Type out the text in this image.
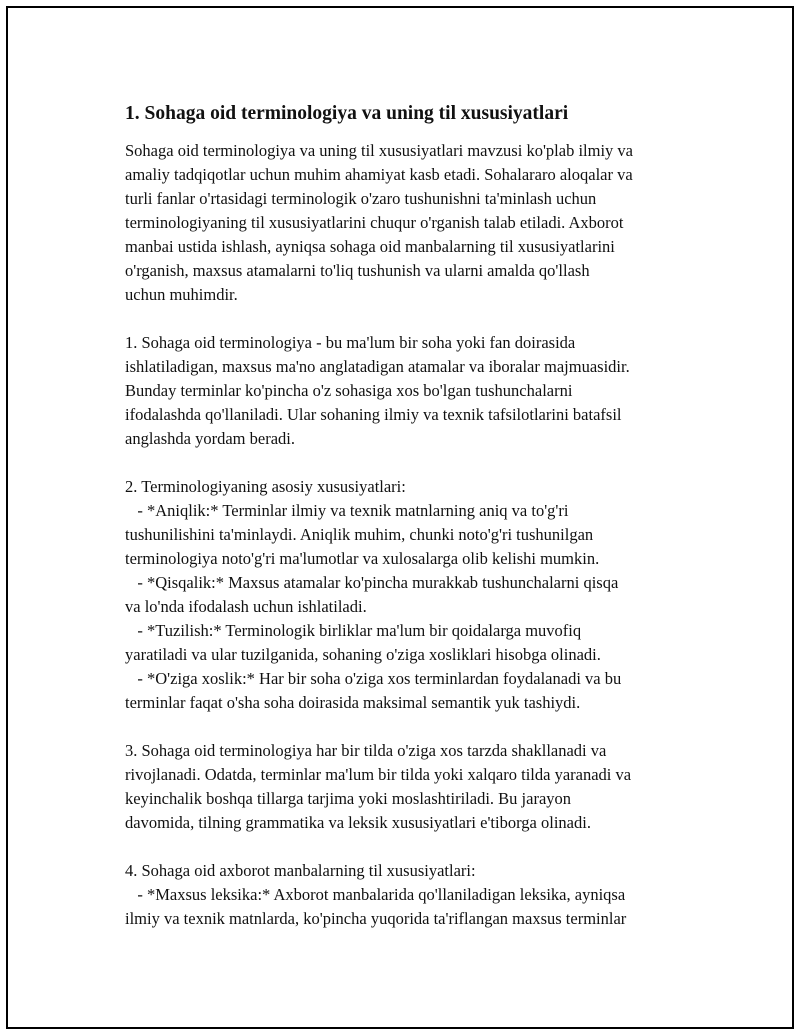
1. Sohaga oid terminologiya va uning til xususiyatlari
Sohaga oid terminologiya va uning til xususiyatlari mavzusi ko'plab ilmiy va
amaliy tadqiqotlar uchun muhim ahamiyat kasb etadi. Sohalararo aloqalar va
turli fanlar o'rtasidagi terminologik o'zaro tushunishni ta'minlash uchun
terminologiyaning til xususiyatlarini chuqur o'rganish talab etiladi. Axborot
manbai ustida ishlash, ayniqsa sohaga oid manbalarning til xususiyatlarini
o'rganish, maxsus atamalarni to'liq tushunish va ularni amalda qo'llash
uchun muhimdir.
1. Sohaga oid terminologiya - bu ma'lum bir soha yoki fan doirasida
ishlatiladigan, maxsus ma'no anglatadigan atamalar va iboralar majmuasidir.
Bunday terminlar ko'pincha o'z sohasiga xos bo'lgan tushunchalarni
ifodalashda qo'llaniladi. Ular sohaning ilmiy va texnik tafsilotlarini batafsil
anglashda yordam beradi.
2. Terminologiyaning asosiy xususiyatlari:
- *Aniqlik:* Terminlar ilmiy va texnik matnlarning aniq va to'g'ri
tushunilishini ta'minlaydi. Aniqlik muhim, chunki noto'g'ri tushunilgan
terminologiya noto'g'ri ma'lumotlar va xulosalarga olib kelishi mumkin.
- *Qisqalik:* Maxsus atamalar ko'pincha murakkab tushunchalarni qisqa
va lo'nda ifodalash uchun ishlatiladi.
- *Tuzilish:* Terminologik birliklar ma'lum bir qoidalarga muvofiq
yaratiladi va ular tuzilganida, sohaning o'ziga xosliklari hisobga olinadi.
- *O'ziga xoslik:* Har bir soha o'ziga xos terminlardan foydalanadi va bu
terminlar faqat o'sha soha doirasida maksimal semantik yuk tashiydi.
3. Sohaga oid terminologiya har bir tilda o'ziga xos tarzda shakllanadi va
rivojlanadi. Odatda, terminlar ma'lum bir tilda yoki xalqaro tilda yaranadi va
keyinchalik boshqa tillarga tarjima yoki moslashtiriladi. Bu jarayon
davomida, tilning grammatika va leksik xususiyatlari e'tiborga olinadi.
4. Sohaga oid axborot manbalarning til xususiyatlari:
- *Maxsus leksika:* Axborot manbalarida qo'llaniladigan leksika, ayniqsa
ilmiy va texnik matnlarda, ko'pincha yuqorida ta'riflangan maxsus terminlar
